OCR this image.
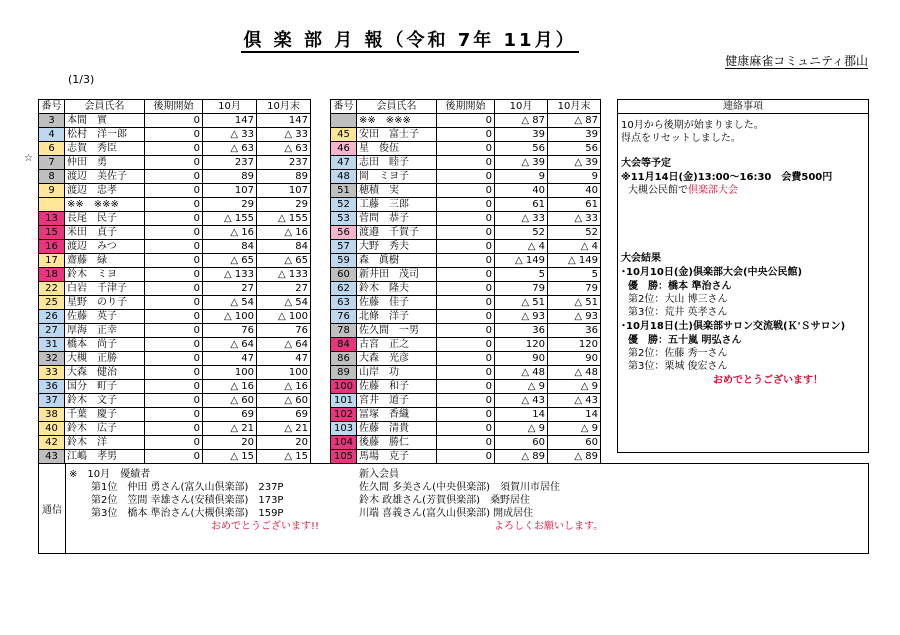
倶 楽 部 月 報（令和 7年 11月）
健康麻雀コミュニティ郡山
(1/3)
☆
番号	会員氏名	後期開始	10月	10月末
3	本間　實	0	147	147
4	松村　洋一郎	0	△ 33	△ 33
6	志賀　秀臣	0	△ 63	△ 63
7	仲田　勇	0	237	237
8	渡辺　美佐子	0	89	89
9	渡辺　忠孝	0	107	107
	※※　※※※	0	29	29
13	長尾　民子	0	△ 155	△ 155
15	米田　貞子	0	△ 16	△ 16
16	渡辺　みつ	0	84	84
17	齋藤　緑	0	△ 65	△ 65
18	鈴木　ミヨ	0	△ 133	△ 133
22	白岩　千津子	0	27	27
25	星野　のり子	0	△ 54	△ 54
26	佐藤　英子	0	△ 100	△ 100
27	厚海　正幸	0	76	76
31	橋本　尚子	0	△ 64	△ 64
32	大槻　正勝	0	47	47
33	大森　健治	0	100	100
36	国分　町子	0	△ 16	△ 16
37	鈴木　文子	0	△ 60	△ 60
38	千葉　慶子	0	69	69
40	鈴木　広子	0	△ 21	△ 21
42	鈴木　洋	0	20	20
43	江嶋　孝男	0	△ 15	△ 15
番号	会員氏名	後期開始	10月	10月末
	※※　※※※	0	△ 87	△ 87
45	安田　富士子	0	39	39
46	星　俊伍	0	56	56
47	志田　睦子	0	△ 39	△ 39
48	岡　ミヨ子	0	9	9
51	穂積　実	0	40	40
52	工藤　三郎	0	61	61
53	菅問　恭子	0	△ 33	△ 33
56	渡邉　千賀子	0	52	52
57	大野　秀夫	0	△ 4	△ 4
59	森　眞樹	0	△ 149	△ 149
60	新井田　茂司	0	5	5
62	鈴木　隆夫	0	79	79
63	佐藤　佳子	0	△ 51	△ 51
76	北條　洋子	0	△ 93	△ 93
78	佐久間　一男	0	36	36
84	古宮　正之	0	120	120
86	大森　光彦	0	90	90
89	山岸　功	0	△ 48	△ 48
100	佐藤　和子	0	△ 9	△ 9
101	宮井　道子	0	△ 43	△ 43
102	冨塚　香織	0	14	14
103	佐藤　清貴	0	△ 9	△ 9
104	後藤　勝仁	0	60	60
105	馬場　克子	0	△ 89	△ 89
連絡事項
10月から後期が始まりました。
得点をリセットしました。
大会等予定
※11月14日(金)13:00～16:30　会費500円
大槻公民館で倶楽部大会
大会結果
･10月10日(金)倶楽部大会(中央公民館)
優　勝：橋本 準治さん
第2位：大山 博三さん
第3位：荒井 英孝さん
･10月18日(土)倶楽部サロン交流戦(Ｋ'Ｓサロン)
優　勝：五十嵐 明弘さん
第2位：佐藤 秀一さん
第3位：栗城 俊宏さん
おめでとうございます！
通信
※　10月　優績者
第1位　仲田 勇さん(富久山倶楽部)　237P
第2位　笠間 幸雄さん(安積倶楽部)　173P
第3位　橋本 準治さん(大槻倶楽部)　159P
おめでとうございます!!
新入会員
佐久間 多美さん(中央倶楽部)　須賀川市居住
鈴木 政雄さん(芳賀倶楽部)　桑野居住
川端 喜義さん(富久山倶楽部) 開成居住
よろしくお願いします。
